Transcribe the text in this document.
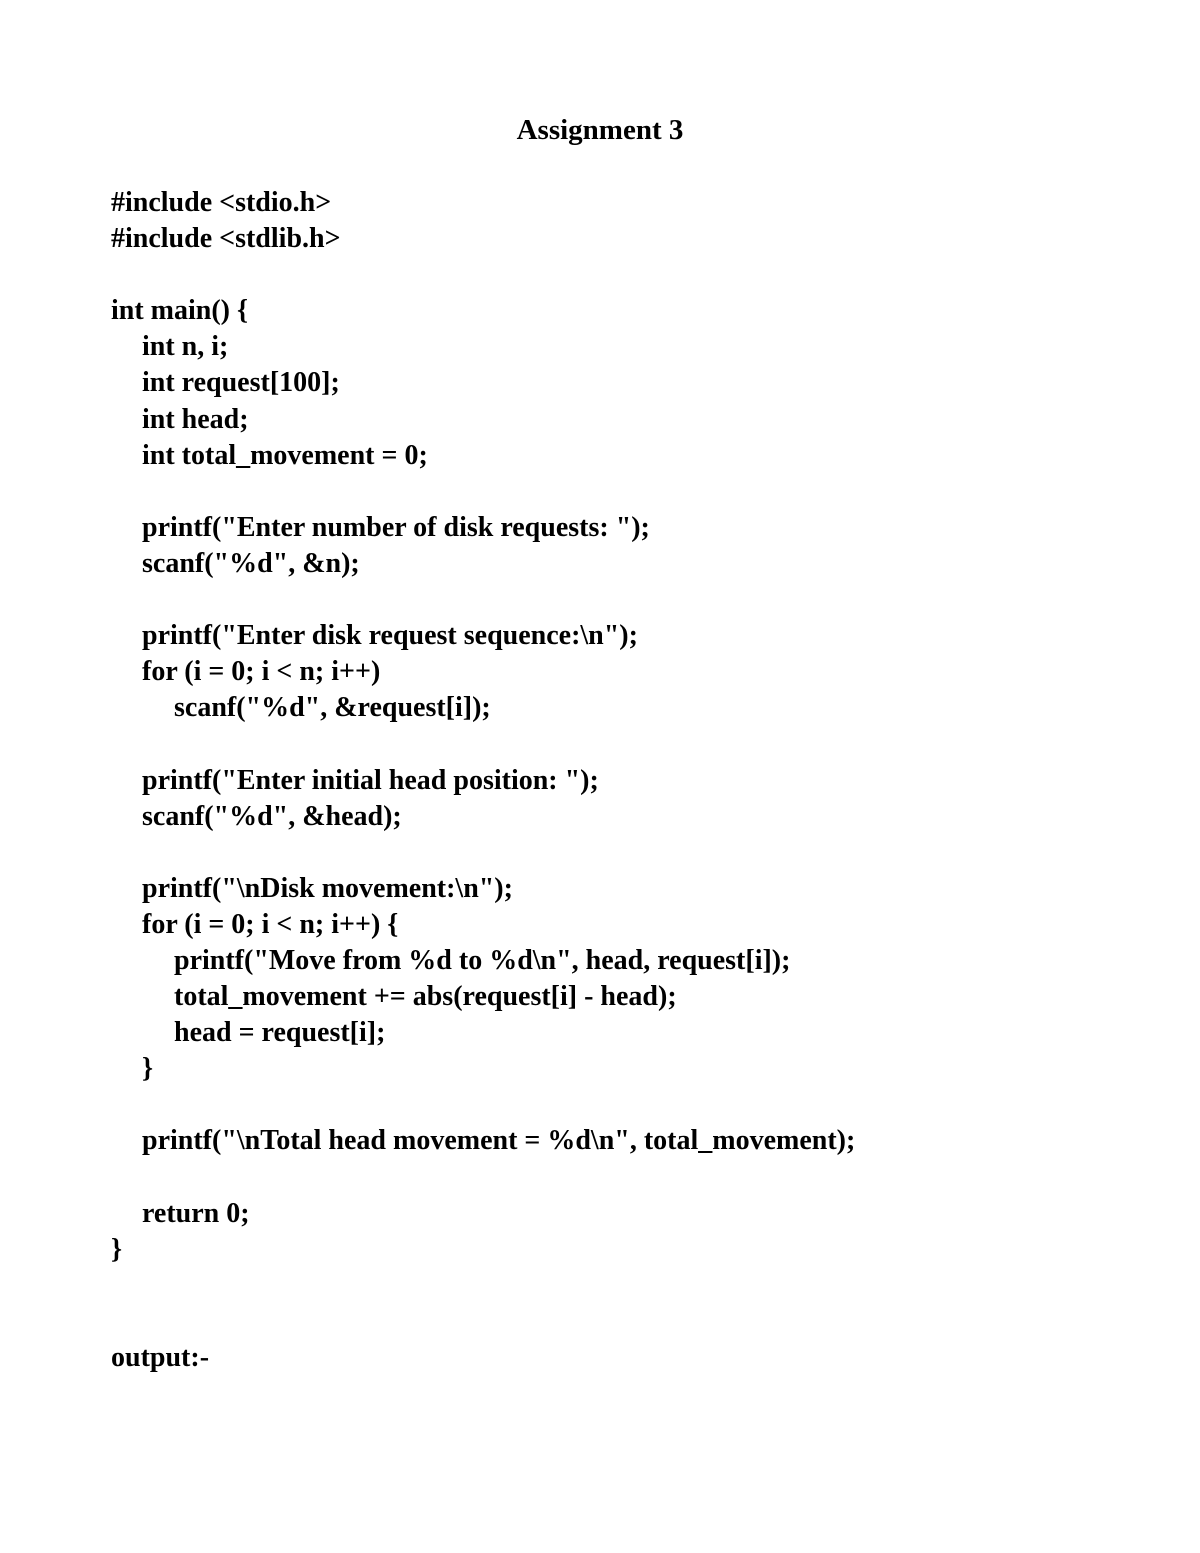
Assignment 3
#include <stdio.h>
#include <stdlib.h>
int main() {
int n, i;
int request[100];
int head;
int total_movement = 0;
printf("Enter number of disk requests: ");
scanf("%d", &n);
printf("Enter disk request sequence:\n");
for (i = 0; i < n; i++)
scanf("%d", &request[i]);
printf("Enter initial head position: ");
scanf("%d", &head);
printf("\nDisk movement:\n");
for (i = 0; i < n; i++) {
printf("Move from %d to %d\n", head, request[i]);
total_movement += abs(request[i] - head);
head = request[i];
}
printf("\nTotal head movement = %d\n", total_movement);
return 0;
}
output:-
